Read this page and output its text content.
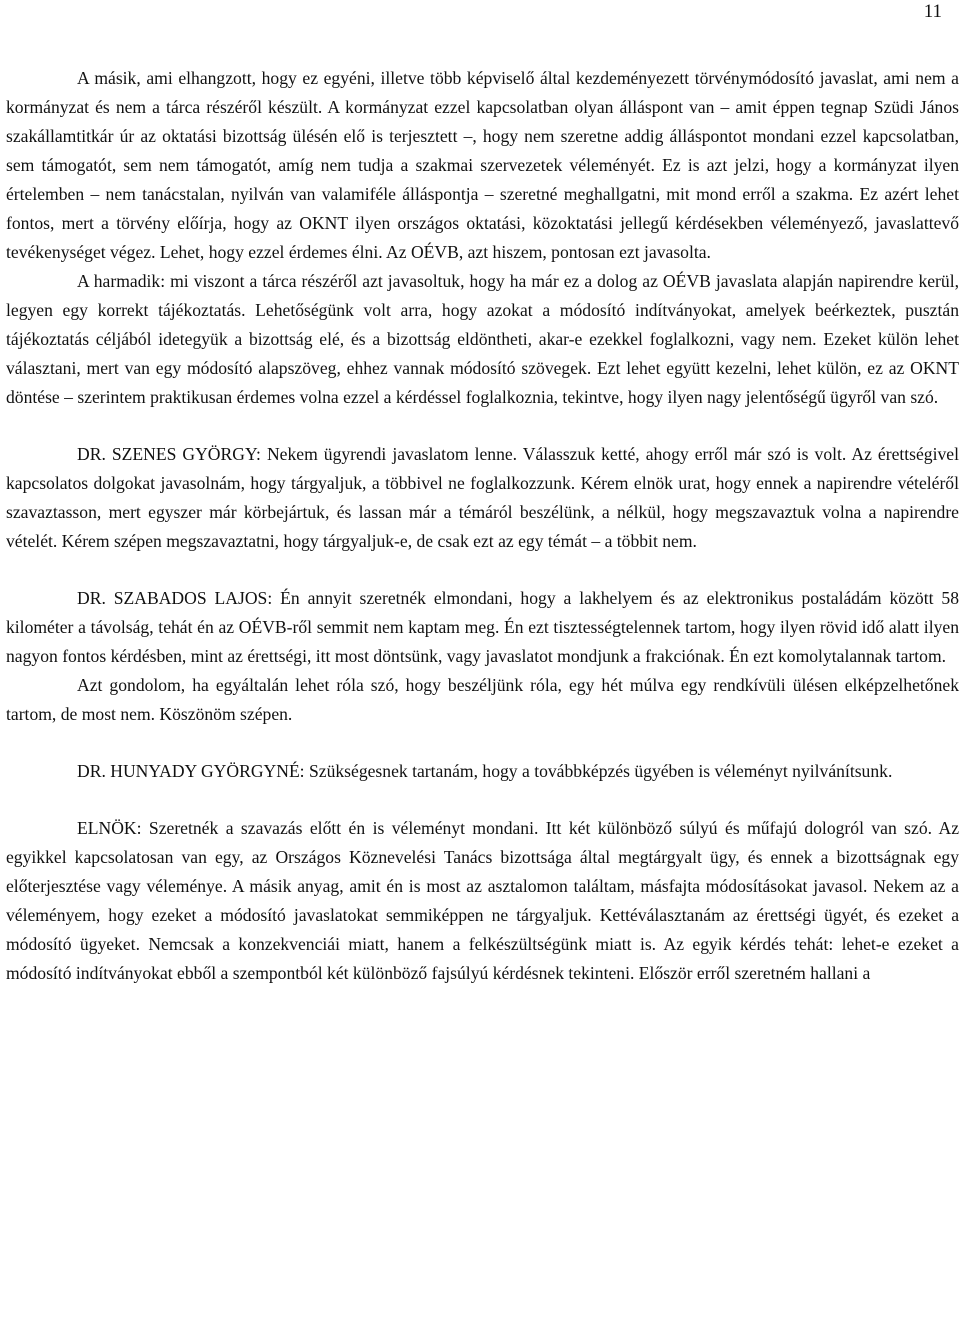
11

A másik, ami elhangzott, hogy ez egyéni, illetve több képviselő által kezdeményezett törvénymódosító javaslat, ami nem a kormányzat és nem a tárca részéről készült. A kormányzat ezzel kapcsolatban olyan álláspont van – amit éppen tegnap Szüdi János szakállamtitkár úr az oktatási bizottság ülésén elő is terjesztett –, hogy nem szeretne addig álláspontot mondani ezzel kapcsolatban, sem támogatót, sem nem támogatót, amíg nem tudja a szakmai szervezetek véleményét. Ez is azt jelzi, hogy a kormányzat ilyen értelemben – nem tanácstalan, nyilván van valamiféle álláspontja – szeretné meghallgatni, mit mond erről a szakma. Ez azért lehet fontos, mert a törvény előírja, hogy az OKNT ilyen országos oktatási, közoktatási jellegű kérdésekben véleményező, javaslattevő tevékenységet végez. Lehet, hogy ezzel érdemes élni. Az OÉVB, azt hiszem, pontosan ezt javasolta.

A harmadik: mi viszont a tárca részéről azt javasoltuk, hogy ha már ez a dolog az OÉVB javaslata alapján napirendre kerül, legyen egy korrekt tájékoztatás. Lehetőségünk volt arra, hogy azokat a módosító indítványokat, amelyek beérkeztek, pusztán tájékoztatás céljából idetegyük a bizottság elé, és a bizottság eldöntheti, akar-e ezekkel foglalkozni, vagy nem. Ezeket külön lehet választani, mert van egy módosító alapszöveg, ehhez vannak módosító szövegek. Ezt lehet együtt kezelni, lehet külön, ez az OKNT döntése – szerintem praktikusan érdemes volna ezzel a kérdéssel foglalkoznia, tekintve, hogy ilyen nagy jelentőségű ügyről van szó.

DR. SZENES GYÖRGY: Nekem ügyrendi javaslatom lenne. Válasszuk ketté, ahogy erről már szó is volt. Az érettségivel kapcsolatos dolgokat javasolnám, hogy tárgyaljuk, a többivel ne foglalkozzunk. Kérem elnök urat, hogy ennek a napirendre vételéről szavaztasson, mert egyszer már körbejártuk, és lassan már a témáról beszélünk, a nélkül, hogy megszavaztuk volna a napirendre vételét. Kérem szépen megszavaztatni, hogy tárgyaljuk-e, de csak ezt az egy témát – a többit nem.

DR. SZABADOS LAJOS: Én annyit szeretnék elmondani, hogy a lakhelyem és az elektronikus postaládám között 58 kilométer a távolság, tehát én az OÉVB-ről semmit nem kaptam meg. Én ezt tisztességtelennek tartom, hogy ilyen rövid idő alatt ilyen nagyon fontos kérdésben, mint az érettségi, itt most döntsünk, vagy javaslatot mondjunk a frakciónak. Én ezt komolytalannak tartom.

Azt gondolom, ha egyáltalán lehet róla szó, hogy beszéljünk róla, egy hét múlva egy rendkívüli ülésen elképzelhetőnek tartom, de most nem. Köszönöm szépen.

DR. HUNYADY GYÖRGYNÉ: Szükségesnek tartanám, hogy a továbbképzés ügyében is véleményt nyilvánítsunk.

ELNÖK: Szeretnék a szavazás előtt én is véleményt mondani. Itt két különböző súlyú és műfajú dologról van szó. Az egyikkel kapcsolatosan van egy, az Országos Köznevelési Tanács bizottsága által megtárgyalt ügy, és ennek a bizottságnak egy előterjesztése vagy véleménye. A másik anyag, amit én is most az asztalomon találtam, másfajta módosításokat javasol. Nekem az a véleményem, hogy ezeket a módosító javaslatokat semmiképpen ne tárgyaljuk. Kettéválasztanám az érettségi ügyét, és ezeket a módosító ügyeket. Nemcsak a konzekvenciái miatt, hanem a felkészültségünk miatt is. Az egyik kérdés tehát: lehet-e ezeket a módosító indítványokat ebből a szempontból két különböző fajsúlyú kérdésnek tekinteni. Először erről szeretném hallani a
